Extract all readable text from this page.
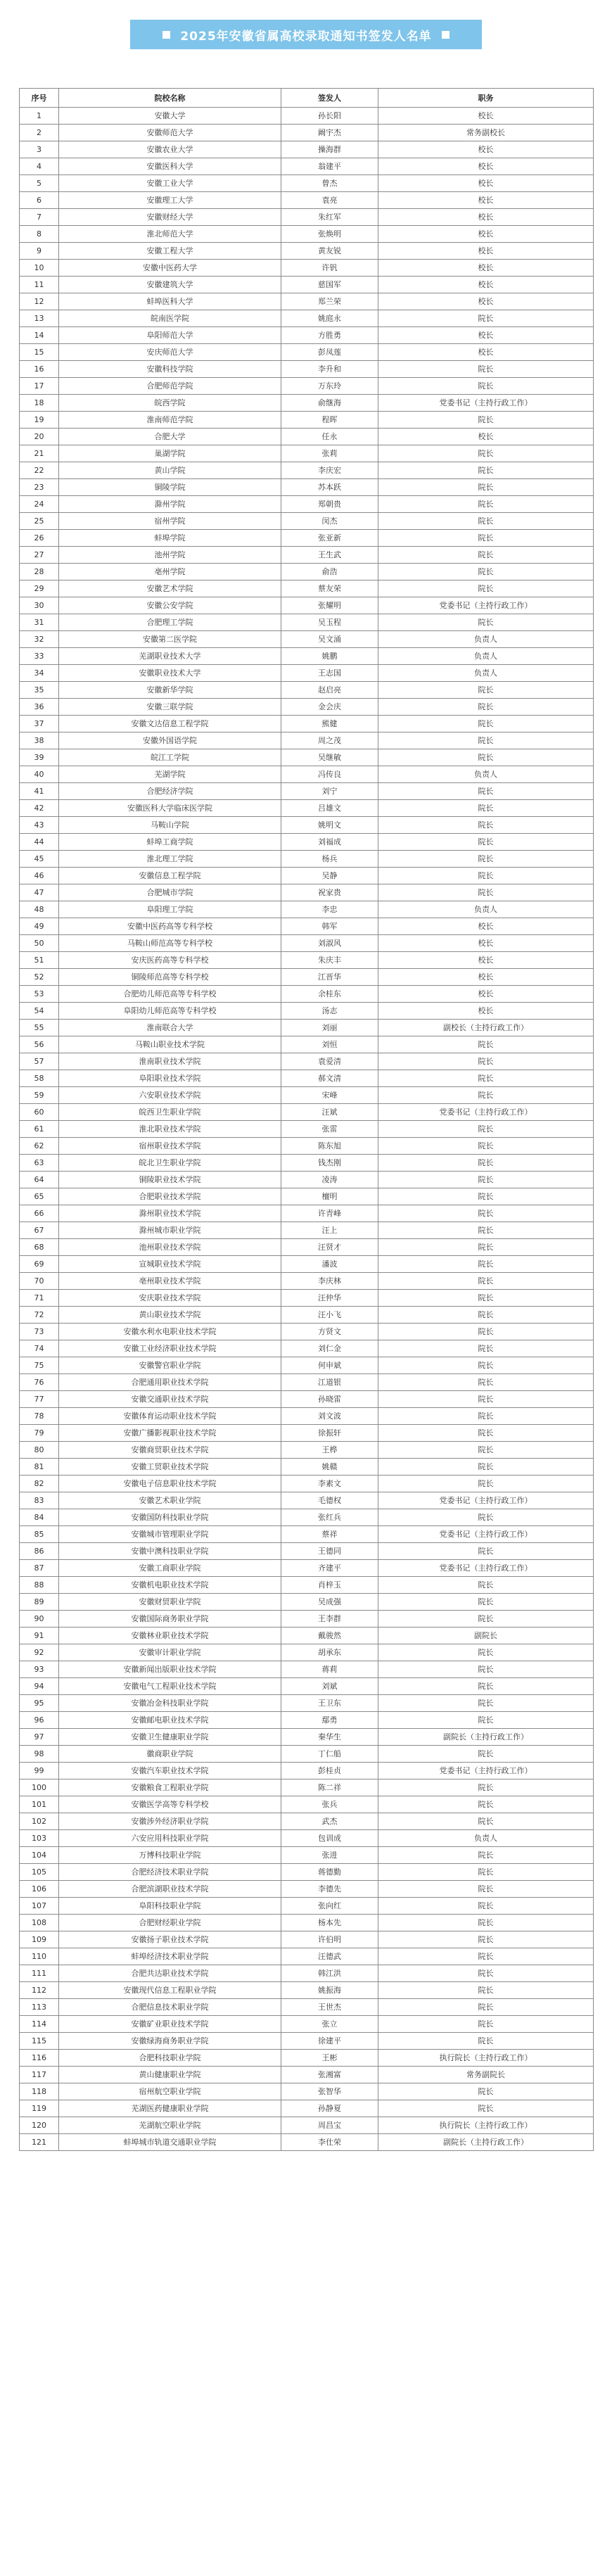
2025年安徽省属高校录取通知书签发人名单
序号	院校名称	签发人	职务
1	安徽大学	孙长阳	校长
2	安徽师范大学	阚宇杰	常务副校长
3	安徽农业大学	操海群	校长
4	安徽医科大学	翁建平	校长
5	安徽工业大学	曾杰	校长
6	安徽理工大学	袁亮	校长
7	安徽财经大学	朱红军	校长
8	淮北师范大学	张焕明	校长
9	安徽工程大学	黄友锐	校长
10	安徽中医药大学	许钒	校长
11	安徽建筑大学	慈国军	校长
12	蚌埠医科大学	郑兰荣	校长
13	皖南医学院	姚庭永	院长
14	阜阳师范大学	方胜勇	校长
15	安庆师范大学	彭凤莲	校长
16	安徽科技学院	李升和	院长
17	合肥师范学院	万东玲	院长
18	皖西学院	俞继海	党委书记（主持行政工作）
19	淮南师范学院	程晖	院长
20	合肥大学	任永	校长
21	巢湖学院	张莉	院长
22	黄山学院	李庆宏	院长
23	铜陵学院	苏本跃	院长
24	滁州学院	郑朝贵	院长
25	宿州学院	闵杰	院长
26	蚌埠学院	张亚新	院长
27	池州学院	王生武	院长
28	亳州学院	俞浩	院长
29	安徽艺术学院	蔡友荣	院长
30	安徽公安学院	张耀明	党委书记（主持行政工作）
31	合肥理工学院	吴玉程	院长
32	安徽第二医学院	吴文涌	负责人
33	芜湖职业技术大学	姚鹏	负责人
34	安徽职业技术大学	王志国	负责人
35	安徽新华学院	赵启亮	院长
36	安徽三联学院	金会庆	院长
37	安徽文达信息工程学院	熊健	院长
38	安徽外国语学院	周之茂	院长
39	皖江工学院	吴继敏	院长
40	芜湖学院	冯传良	负责人
41	合肥经济学院	刘宁	院长
42	安徽医科大学临床医学院	吕雄文	院长
43	马鞍山学院	姚明文	院长
44	蚌埠工商学院	刘福成	院长
45	淮北理工学院	杨兵	院长
46	安徽信息工程学院	吴静	院长
47	合肥城市学院	祝家贵	院长
48	阜阳理工学院	李忠	负责人
49	安徽中医药高等专科学校	韩军	校长
50	马鞍山师范高等专科学校	刘淑风	校长
51	安庆医药高等专科学校	朱庆丰	校长
52	铜陵师范高等专科学校	江晋华	校长
53	合肥幼儿师范高等专科学校	余桂东	校长
54	阜阳幼儿师范高等专科学校	汤志	校长
55	淮南联合大学	刘丽	副校长（主持行政工作）
56	马鞍山职业技术学院	刘恒	院长
57	淮南职业技术学院	袁爱清	院长
58	阜阳职业技术学院	郝文清	院长
59	六安职业技术学院	宋峰	院长
60	皖西卫生职业学院	汪斌	党委书记（主持行政工作）
61	淮北职业技术学院	张雷	院长
62	宿州职业技术学院	陈东旭	院长
63	皖北卫生职业学院	钱杰刚	院长
64	铜陵职业技术学院	凌涛	院长
65	合肥职业技术学院	檀明	院长
66	滁州职业技术学院	许青峰	院长
67	滁州城市职业学院	汪上	院长
68	池州职业技术学院	汪贤才	院长
69	宣城职业技术学院	潘波	院长
70	亳州职业技术学院	李庆林	院长
71	安庆职业技术学院	汪仲华	院长
72	黄山职业技术学院	汪小飞	院长
73	安徽水利水电职业技术学院	方贤文	院长
74	安徽工业经济职业技术学院	刘仁金	院长
75	安徽警官职业学院	何申斌	院长
76	合肥通用职业技术学院	江道银	院长
77	安徽交通职业技术学院	孙晓雷	院长
78	安徽体育运动职业技术学院	刘文波	院长
79	安徽广播影视职业技术学院	徐振轩	院长
80	安徽商贸职业技术学院	王桦	院长
81	安徽工贸职业技术学院	姚赣	院长
82	安徽电子信息职业技术学院	李素文	院长
83	安徽艺术职业学院	毛德权	党委书记（主持行政工作）
84	安徽国防科技职业学院	张红兵	院长
85	安徽城市管理职业学院	蔡祥	党委书记（主持行政工作）
86	安徽中澳科技职业学院	王德同	院长
87	安徽工商职业学院	齐建平	党委书记（主持行政工作）
88	安徽机电职业技术学院	肖梓玉	院长
89	安徽财贸职业学院	吴成强	院长
90	安徽国际商务职业学院	王李群	院长
91	安徽林业职业技术学院	戴骏然	副院长
92	安徽审计职业学院	胡承东	院长
93	安徽新闻出版职业技术学院	蒋莉	院长
94	安徽电气工程职业技术学院	刘斌	院长
95	安徽冶金科技职业学院	王卫东	院长
96	安徽邮电职业技术学院	鄢勇	院长
97	安徽卫生健康职业学院	秦华生	副院长（主持行政工作）
98	徽商职业学院	丁仁船	院长
99	安徽汽车职业技术学院	彭桂贞	党委书记（主持行政工作）
100	安徽粮食工程职业学院	陈二祥	院长
101	安徽医学高等专科学校	张兵	院长
102	安徽涉外经济职业学院	武杰	院长
103	六安应用科技职业学院	包训成	负责人
104	万博科技职业学院	张进	院长
105	合肥经济技术职业学院	蒋德勤	院长
106	合肥滨湖职业技术学院	李德先	院长
107	阜阳科技职业学院	张向红	院长
108	合肥财经职业学院	杨本先	院长
109	安徽扬子职业技术学院	许伯明	院长
110	蚌埠经济技术职业学院	汪德武	院长
111	合肥共达职业技术学院	韩江洪	院长
112	安徽现代信息工程职业学院	姚振海	院长
113	合肥信息技术职业学院	王世杰	院长
114	安徽矿业职业技术学院	张立	院长
115	安徽绿海商务职业学院	徐建平	院长
116	合肥科技职业学院	王彬	执行院长（主持行政工作）
117	黄山健康职业学院	张湘富	常务副院长
118	宿州航空职业学院	张智华	院长
119	芜湖医药健康职业学院	孙静夏	院长
120	芜湖航空职业学院	周昌宝	执行院长（主持行政工作）
121	蚌埠城市轨道交通职业学院	李仕荣	副院长（主持行政工作）
